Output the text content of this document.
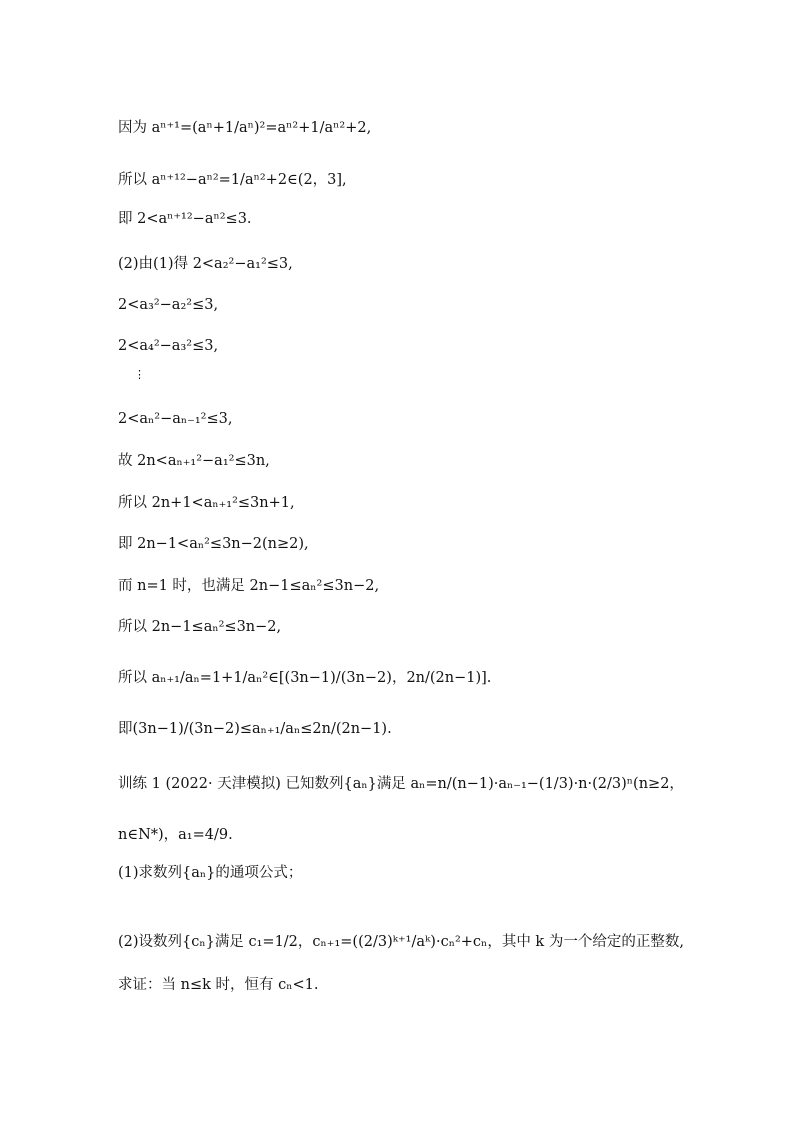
因为 aⁿ⁺¹=(aⁿ+1/aⁿ)²=aⁿ²+1/aⁿ²+2,
所以 aⁿ⁺¹²−aⁿ²=1/aⁿ²+2∈(2，3],
即 2<aⁿ⁺¹²−aⁿ²≤3.
(2)由(1)得 2<a₂²−a₁²≤3,
2<a₃²−a₂²≤3,
2<a₄²−a₃²≤3,
⋮
2<aₙ²−aₙ₋₁²≤3,
故 2n<aₙ₊₁²−a₁²≤3n,
所以 2n+1<aₙ₊₁²≤3n+1,
即 2n−1<aₙ²≤3n−2(n≥2),
而 n=1 时，也满足 2n−1≤aₙ²≤3n−2,
所以 2n−1≤aₙ²≤3n−2,
所以 aₙ₊₁/aₙ=1+1/aₙ²∈[(3n−1)/(3n−2)，2n/(2n−1)].
即(3n−1)/(3n−2)≤aₙ₊₁/aₙ≤2n/(2n−1).
训练 1 (2022· 天津模拟) 已知数列{aₙ}满足 aₙ=n/(n−1)·aₙ₋₁−(1/3)·n·(2/3)ⁿ(n≥2，
n∈N*)，a₁=4/9.
(1)求数列{aₙ}的通项公式；
(2)设数列{cₙ}满足 c₁=1/2，cₙ₊₁=((2/3)ᵏ⁺¹/aᵏ)·cₙ²+cₙ，其中 k 为一个给定的正整数,
求证：当 n≤k 时，恒有 cₙ<1.
